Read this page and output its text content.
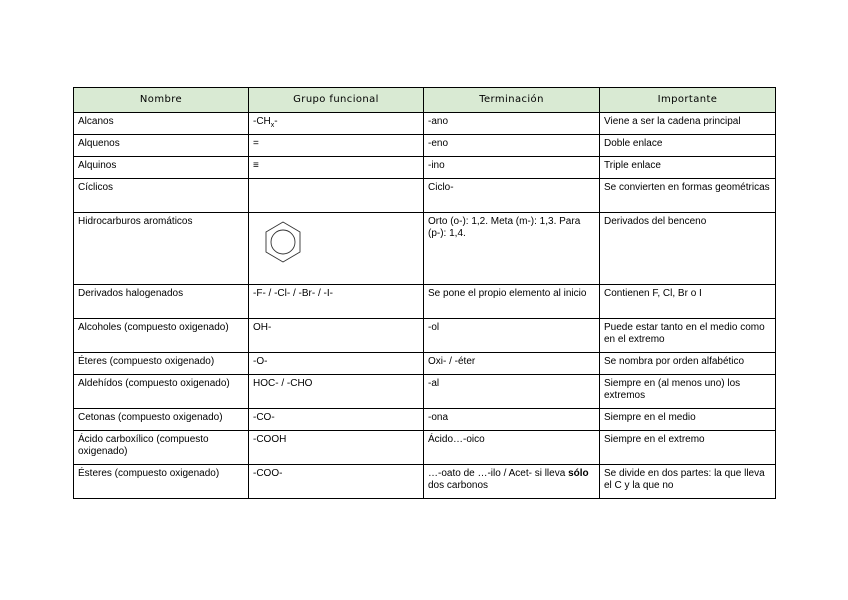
Nombre	Grupo funcional	Terminación	Importante
Alcanos	$-CH_x-$	-ano	Viene a ser la cadena principal
Alquenos	=	-eno	Doble enlace
Alquinos	≡	-ino	Triple enlace
Cíclicos		Ciclo-	Se convierten en formas geométricas
Hidrocarburos aromáticos		Orto (o-): 1,2. Meta (m-): 1,3. Para (p-): 1,4.	Derivados del benceno
Derivados halogenados	-F- / -Cl- / -Br- / -I-	Se pone el propio elemento al inicio	Contienen F, Cl, Br o I
Alcoholes (compuesto oxigenado)	OH-	-ol	Puede estar tanto en el medio como en el extremo
Éteres (compuesto oxigenado)	-O-	Oxi- / -éter	Se nombra por orden alfabético
Aldehídos (compuesto oxigenado)	HOC- / -CHO	-al	Siempre en (al menos uno) los extremos
Cetonas (compuesto oxigenado)	-CO-	-ona	Siempre en el medio
Ácido carboxílico (compuesto oxigenado)	-COOH	Ácido…-oico	Siempre en el extremo
Ésteres (compuesto oxigenado)	-COO-	…-oato de …-ilo / Acet- si lleva sólo dos carbonos	Se divide en dos partes: la que lleva el C y la que no
